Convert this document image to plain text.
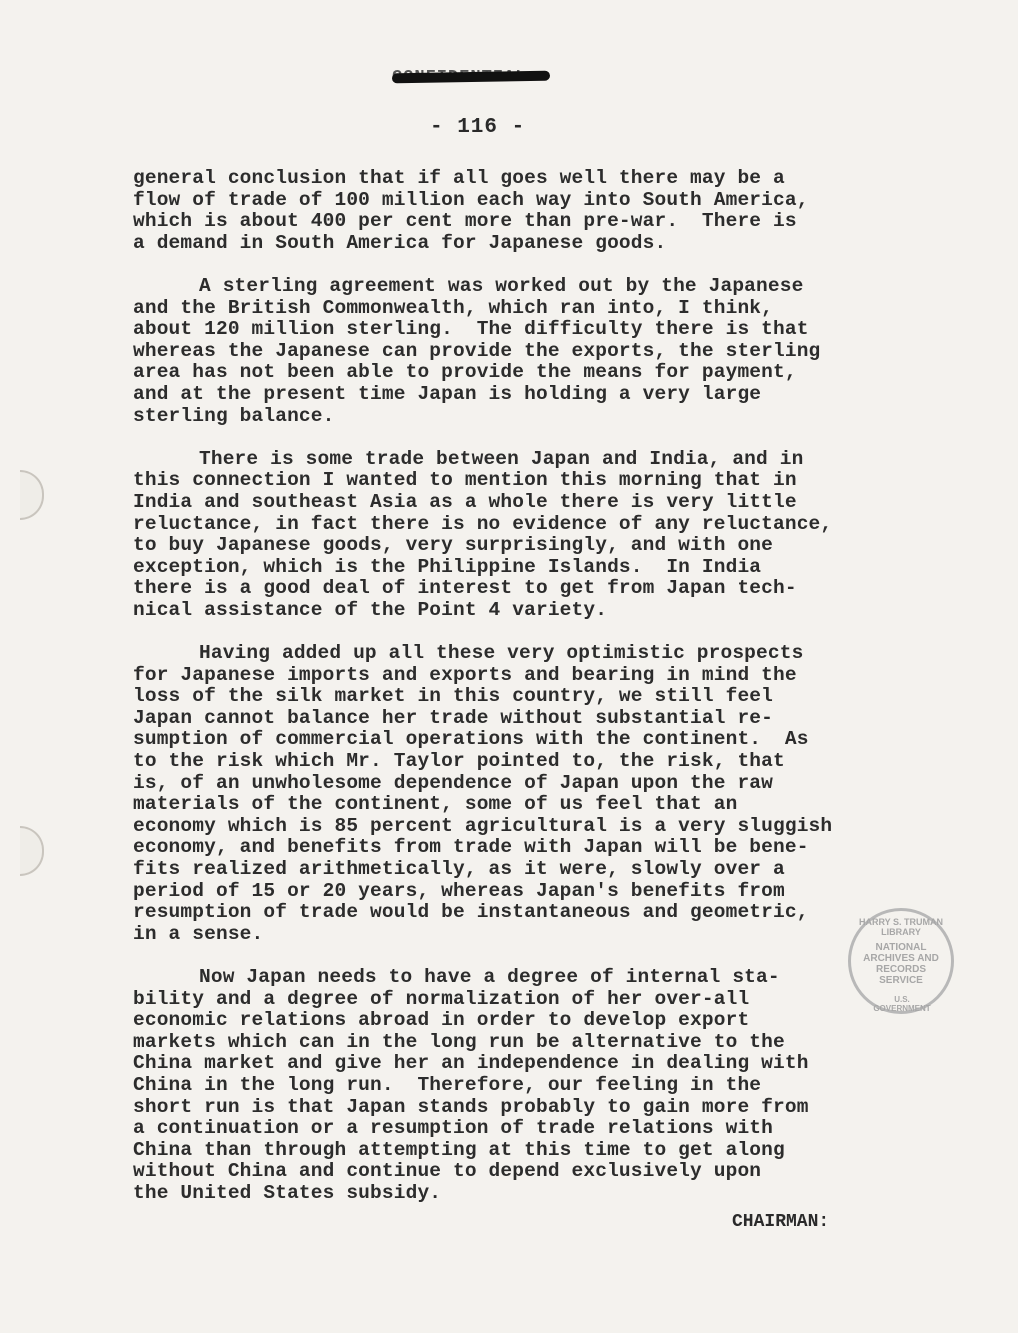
- 116 -
general conclusion that if all goes well there may be a
flow of trade of 100 million each way into South America,
which is about 400 per cent more than pre-war.  There is
a demand in South America for Japanese goods.
A sterling agreement was worked out by the Japanese
and the British Commonwealth, which ran into, I think,
about 120 million sterling.  The difficulty there is that
whereas the Japanese can provide the exports, the sterling
area has not been able to provide the means for payment,
and at the present time Japan is holding a very large
sterling balance.
There is some trade between Japan and India, and in
this connection I wanted to mention this morning that in
India and southeast Asia as a whole there is very little
reluctance, in fact there is no evidence of any reluctance,
to buy Japanese goods, very surprisingly, and with one
exception, which is the Philippine Islands.  In India
there is a good deal of interest to get from Japan tech-
nical assistance of the Point 4 variety.
Having added up all these very optimistic prospects
for Japanese imports and exports and bearing in mind the
loss of the silk market in this country, we still feel
Japan cannot balance her trade without substantial re-
sumption of commercial operations with the continent.  As
to the risk which Mr. Taylor pointed to, the risk, that
is, of an unwholesome dependence of Japan upon the raw
materials of the continent, some of us feel that an
economy which is 85 percent agricultural is a very sluggish
economy, and benefits from trade with Japan will be bene-
fits realized arithmetically, as it were, slowly over a
period of 15 or 20 years, whereas Japan's benefits from
resumption of trade would be instantaneous and geometric,
in a sense.
Now Japan needs to have a degree of internal sta-
bility and a degree of normalization of her over-all
economic relations abroad in order to develop export
markets which can in the long run be alternative to the
China market and give her an independence in dealing with
China in the long run.  Therefore, our feeling in the
short run is that Japan stands probably to gain more from
a continuation or a resumption of trade relations with
China than through attempting at this time to get along
without China and continue to depend exclusively upon
the United States subsidy.
HARRY S. TRUMAN LIBRARY
NATIONAL
ARCHIVES AND
RECORDS
SERVICE
U.S. GOVERNMENT
CHAIRMAN:
